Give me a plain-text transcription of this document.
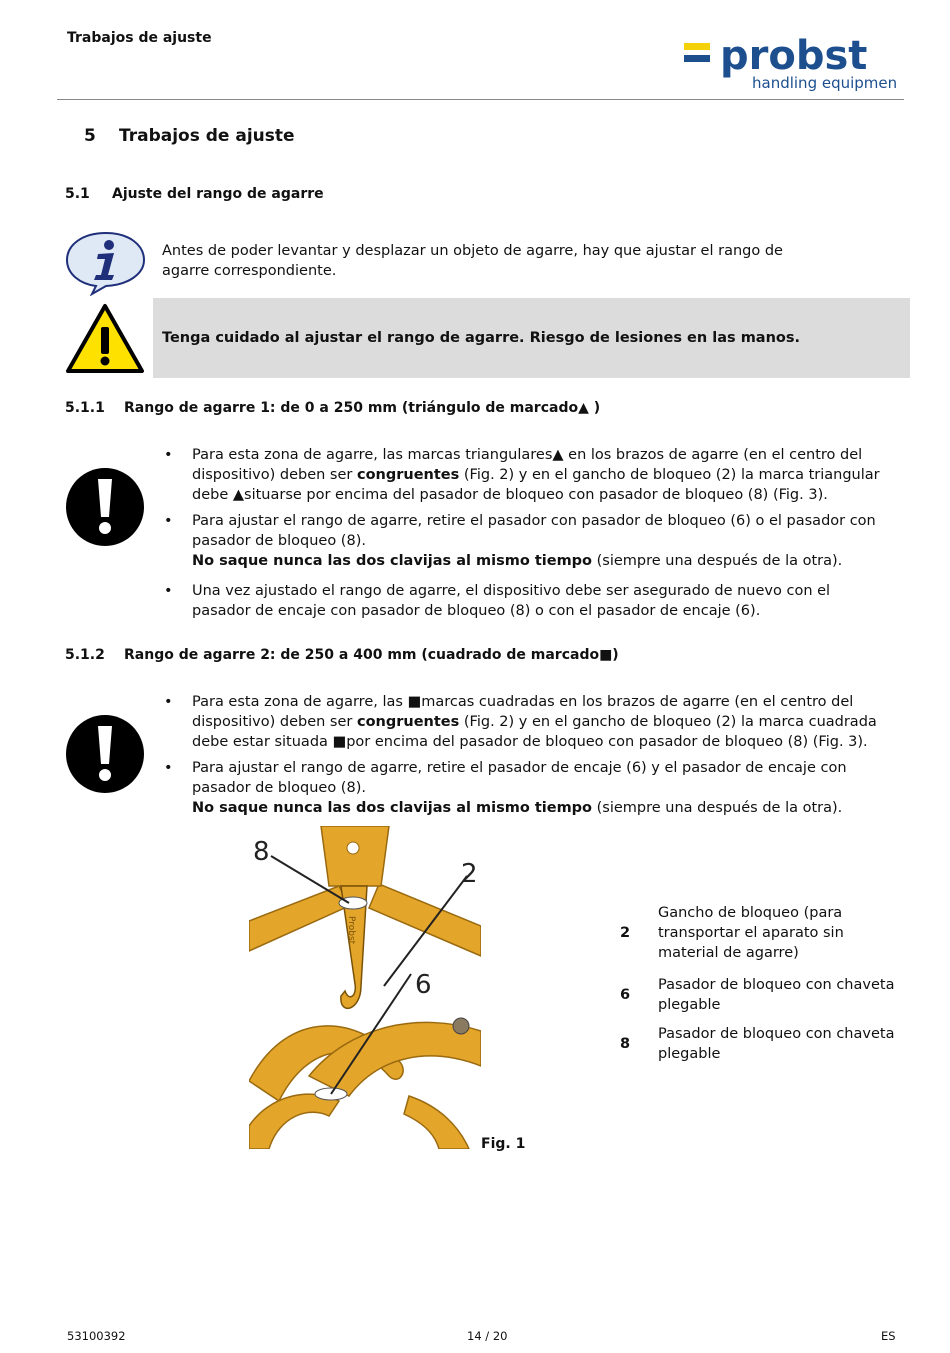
Trabajos de ajuste	probst
handling equipment
5 Trabajos de ajuste
5.1 Ajuste del rango de agarre
Antes de poder levantar y desplazar un objeto de agarre, hay que ajustar el rango de agarre correspondiente.
Tenga cuidado al ajustar el rango de agarre. Riesgo de lesiones en las manos.
5.1.1 Rango de agarre 1: de 0 a 250 mm (triángulo de marcado▲ )
• Para esta zona de agarre, las marcas triangulares▲ en los brazos de agarre (en el centro del dispositivo) deben ser congruentes (Fig. 2) y en el gancho de bloqueo (2) la marca triangular debe ▲situarse por encima del pasador de bloqueo con pasador de bloqueo (8) (Fig. 3).
• Para ajustar el rango de agarre, retire el pasador con pasador de bloqueo (6) o el pasador con pasador de bloqueo (8).
No saque nunca las dos clavijas al mismo tiempo (siempre una después de la otra).
• Una vez ajustado el rango de agarre, el dispositivo debe ser asegurado de nuevo con el pasador de encaje con pasador de bloqueo (8) o con el pasador de encaje (6).
5.1.2 Rango de agarre 2: de 250 a 400 mm (cuadrado de marcado■)
• Para esta zona de agarre, las ■marcas cuadradas en los brazos de agarre (en el centro del dispositivo) deben ser congruentes (Fig. 2) y en el gancho de bloqueo (2) la marca cuadrada debe estar situada ■por encima del pasador de bloqueo con pasador de bloqueo (8) (Fig. 3).
• Para ajustar el rango de agarre, retire el pasador de encaje (6) y el pasador de encaje con pasador de bloqueo (8).
No saque nunca las dos clavijas al mismo tiempo (siempre una después de la otra).
Probst
8
2
6
Fig. 1
2
Gancho de bloqueo (para transportar el aparato sin material de agarre)
6
Pasador de bloqueo con chaveta plegable
8
Pasador de bloqueo con chaveta plegable
53100392	14 / 20	ES
